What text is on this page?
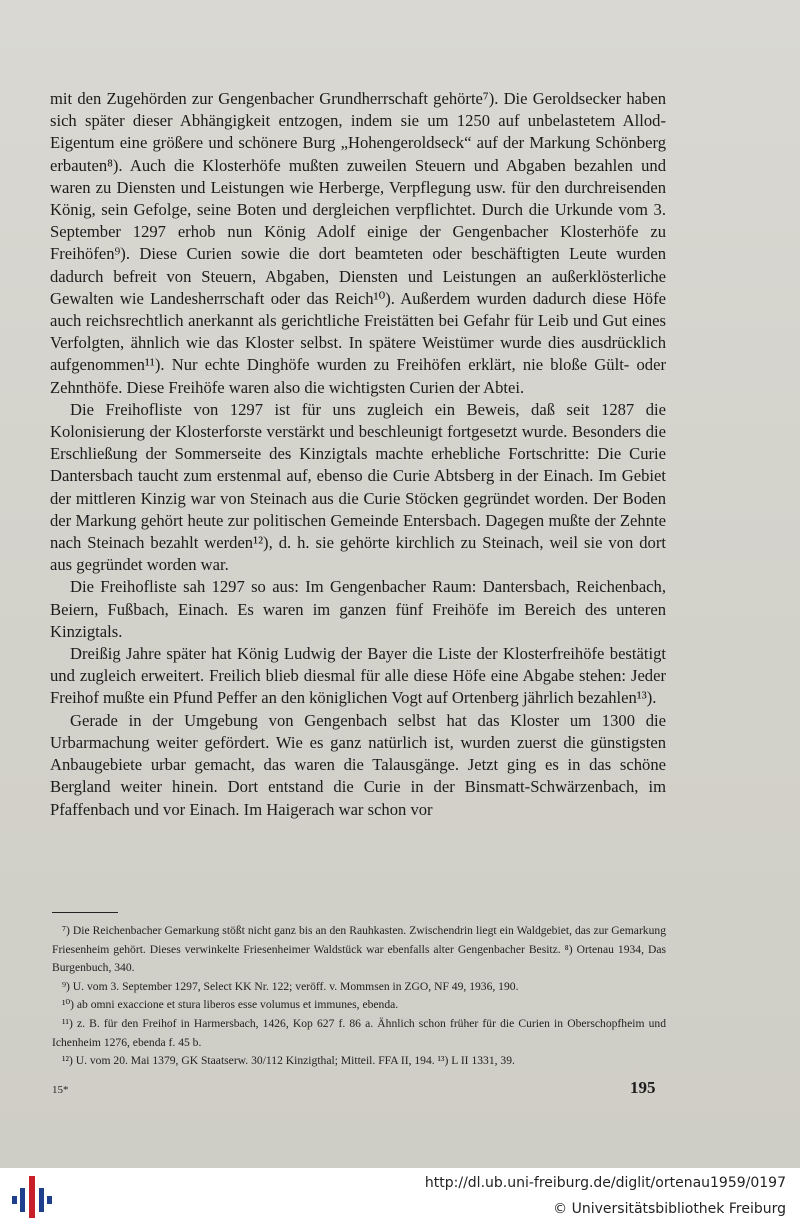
mit den Zugehörden zur Gengenbacher Grundherrschaft gehörte⁷). Die Geroldsecker haben sich später dieser Abhängigkeit entzogen, indem sie um 1250 auf unbelastetem Allod-Eigentum eine größere und schönere Burg „Hohengeroldseck“ auf der Markung Schönberg erbauten⁸). Auch die Klosterhöfe mußten zuweilen Steuern und Abgaben bezahlen und waren zu Diensten und Leistungen wie Herberge, Verpflegung usw. für den durchreisenden König, sein Gefolge, seine Boten und dergleichen verpflichtet. Durch die Urkunde vom 3. September 1297 erhob nun König Adolf einige der Gengenbacher Klosterhöfe zu Freihöfen⁹). Diese Curien sowie die dort beamteten oder beschäftigten Leute wurden dadurch befreit von Steuern, Abgaben, Diensten und Leistungen an außerklösterliche Gewalten wie Landesherrschaft oder das Reich¹⁰). Außerdem wurden dadurch diese Höfe auch reichsrechtlich anerkannt als gerichtliche Freistätten bei Gefahr für Leib und Gut eines Verfolgten, ähnlich wie das Kloster selbst. In spätere Weistümer wurde dies ausdrücklich aufgenommen¹¹). Nur echte Dinghöfe wurden zu Freihöfen erklärt, nie bloße Gült- oder Zehnthöfe. Diese Freihöfe waren also die wichtigsten Curien der Abtei.

Die Freihofliste von 1297 ist für uns zugleich ein Beweis, daß seit 1287 die Kolonisierung der Klosterforste verstärkt und beschleunigt fortgesetzt wurde. Besonders die Erschließung der Sommerseite des Kinzigtals machte erhebliche Fortschritte: Die Curie Dantersbach taucht zum erstenmal auf, ebenso die Curie Abtsberg in der Einach. Im Gebiet der mittleren Kinzig war von Steinach aus die Curie Stöcken gegründet worden. Der Boden der Markung gehört heute zur politischen Gemeinde Entersbach. Dagegen mußte der Zehnte nach Steinach bezahlt werden¹²), d. h. sie gehörte kirchlich zu Steinach, weil sie von dort aus gegründet worden war.

Die Freihofliste sah 1297 so aus: Im Gengenbacher Raum: Dantersbach, Reichenbach, Beiern, Fußbach, Einach. Es waren im ganzen fünf Freihöfe im Bereich des unteren Kinzigtals.

Dreißig Jahre später hat König Ludwig der Bayer die Liste der Klosterfreihöfe bestätigt und zugleich erweitert. Freilich blieb diesmal für alle diese Höfe eine Abgabe stehen: Jeder Freihof mußte ein Pfund Peffer an den königlichen Vogt auf Ortenberg jährlich bezahlen¹³).

Gerade in der Umgebung von Gengenbach selbst hat das Kloster um 1300 die Urbarmachung weiter gefördert. Wie es ganz natürlich ist, wurden zuerst die günstigsten Anbaugebiete urbar gemacht, das waren die Talausgänge. Jetzt ging es in das schöne Bergland weiter hinein. Dort entstand die Curie in der Binsmatt-Schwärzenbach, im Pfaffenbach und vor Einach. Im Haigerach war schon vor

⁷) Die Reichenbacher Gemarkung stößt nicht ganz bis an den Rauhkasten. Zwischendrin liegt ein Waldgebiet, das zur Gemarkung Friesenheim gehört. Dieses verwinkelte Friesenheimer Waldstück war ebenfalls alter Gengenbacher Besitz. ⁸) Ortenau 1934, Das Burgenbuch, 340.

⁹) U. vom 3. September 1297, Select KK Nr. 122; veröff. v. Mommsen in ZGO, NF 49, 1936, 190.

¹⁰) ab omni exaccione et stura liberos esse volumus et immunes, ebenda.

¹¹) z. B. für den Freihof in Harmersbach, 1426, Kop 627 f. 86 a. Ähnlich schon früher für die Curien in Oberschopfheim und Ichenheim 1276, ebenda f. 45 b.

¹²) U. vom 20. Mai 1379, GK Staatserw. 30/112 Kinzigthal; Mitteil. FFA II, 194. ¹³) L II 1331, 39.

15*	195
http://dl.ub.uni-freiburg.de/diglit/ortenau1959/0197
© Universitätsbibliothek Freiburg
